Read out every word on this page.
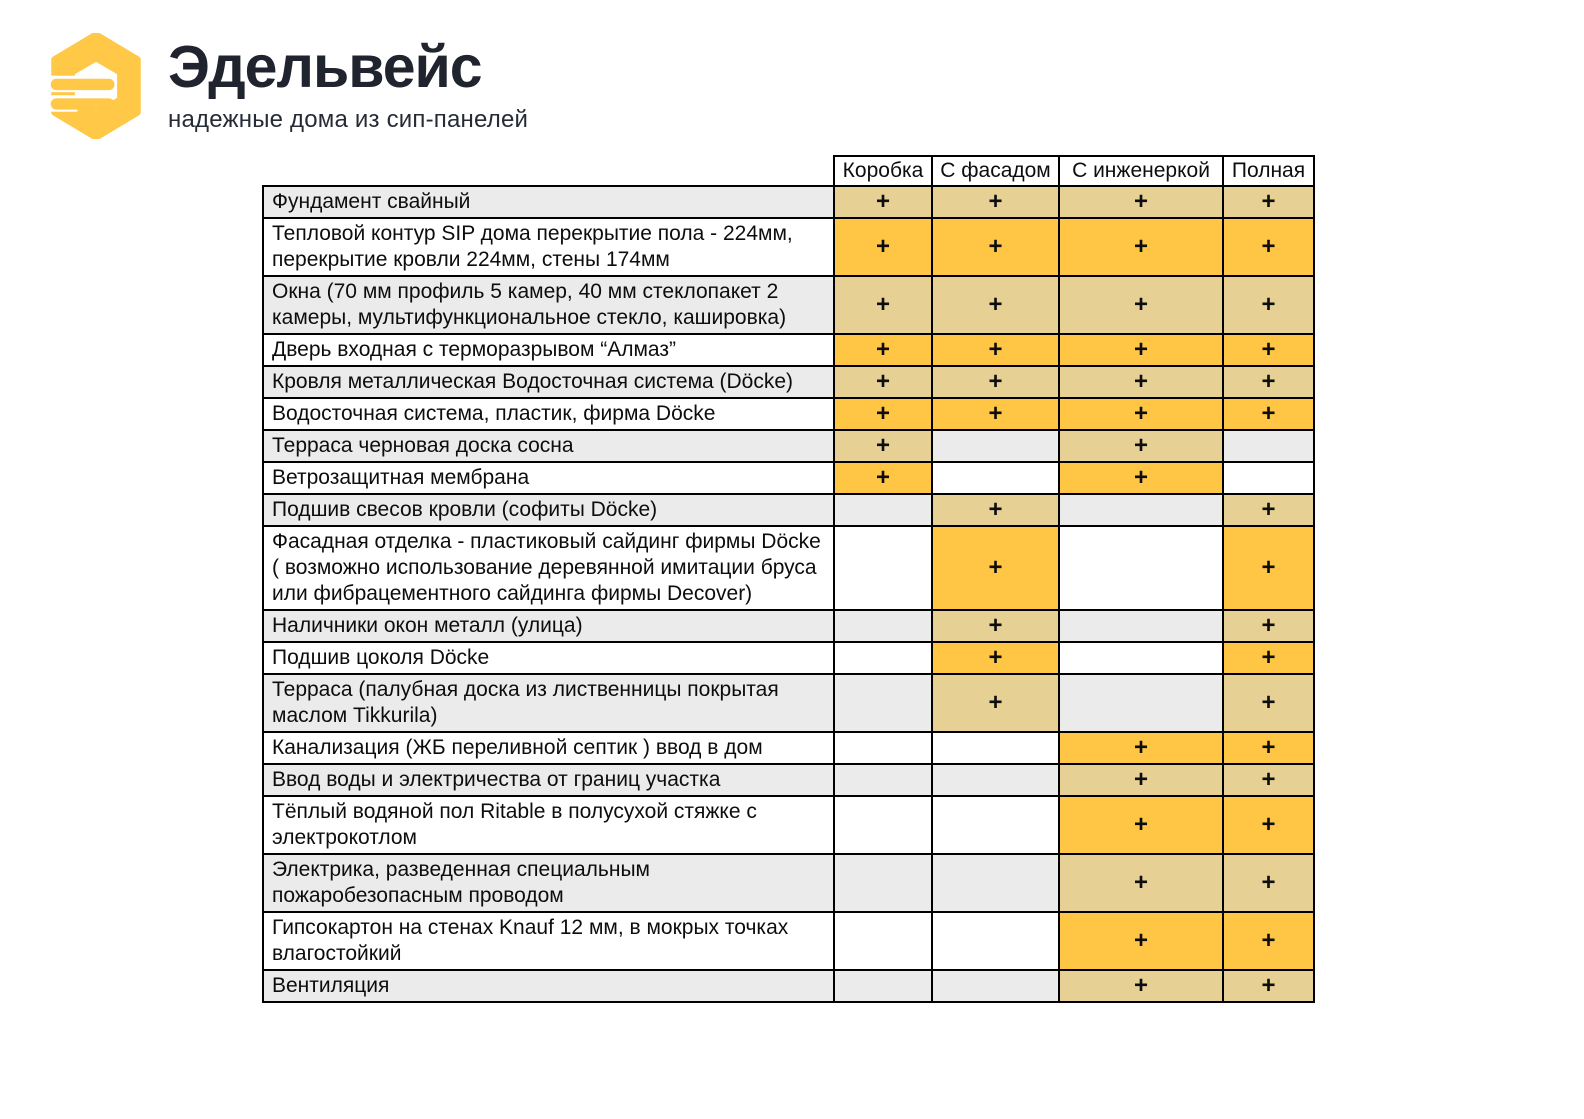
Эдельвейс
надежные дома из сип-панелей
	Коробка	С фасадом	С инженеркой	Полная
Фундамент свайный	+	+	+	+
Тепловой контур SIP дома перекрытие пола - 224мм, перекрытие кровли 224мм, стены 174мм	+	+	+	+
Окна (70 мм профиль 5 камер, 40 мм стеклопакет 2 камеры, мультифункциональное стекло, кашировка)	+	+	+	+
Дверь входная с терморазрывом “Алмаз”	+	+	+	+
Кровля металлическая Водосточная система (Döcke)	+	+	+	+
Водосточная система, пластик, фирма Döcke	+	+	+	+
Терраса черновая доска сосна	+		+	
Ветрозащитная мембрана	+		+	
Подшив свесов кровли (софиты Döcke)		+		+
Фасадная отделка - пластиковый сайдинг фирмы Döcke ( возможно использование деревянной имитации бруса или фибрацементного сайдинга фирмы Decover)		+		+
Наличники окон металл (улица)		+		+
Подшив цоколя Döcke		+		+
Терраса (палубная доска из лиственницы покрытая маслом Tikkurila)		+		+
Канализация (ЖБ переливной септик ) ввод в дом			+	+
Ввод воды и электричества от границ участка			+	+
Тёплый водяной пол Ritable в полусухой стяжке с электрокотлом			+	+
Электрика, разведенная специальным пожаробезопасным проводом			+	+
Гипсокартон на стенах Knauf 12 мм, в мокрых точках влагостойкий			+	+
Вентиляция			+	+
